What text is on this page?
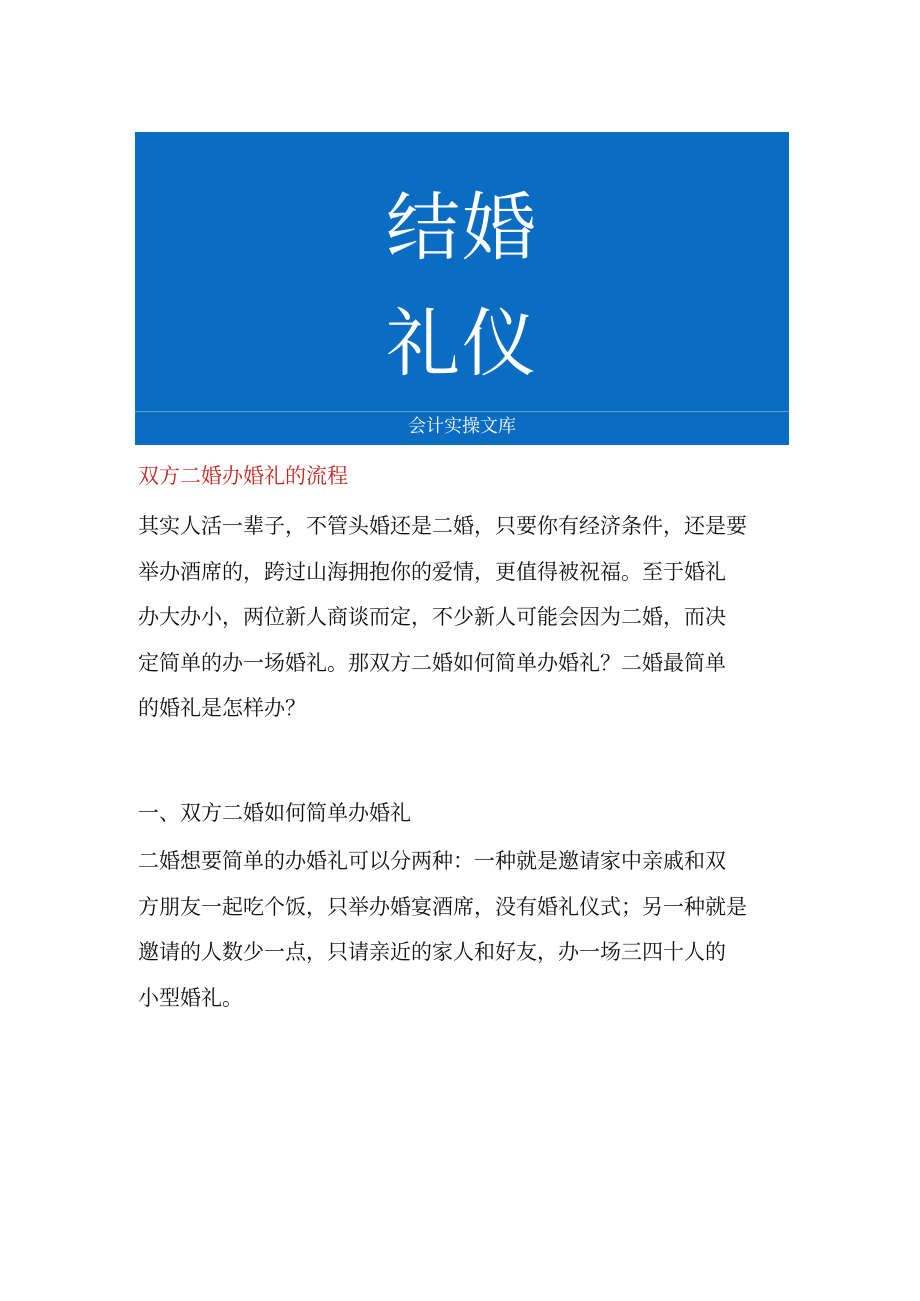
结婚
礼仪
会计实操文库
双方二婚办婚礼的流程
其实人活一辈子，不管头婚还是二婚，只要你有经济条件，还是要
举办酒席的，跨过山海拥抱你的爱情，更值得被祝福。至于婚礼
办大办小，两位新人商谈而定，不少新人可能会因为二婚，而决
定简单的办一场婚礼。那双方二婚如何简单办婚礼？二婚最简单
的婚礼是怎样办？
一、双方二婚如何简单办婚礼
二婚想要简单的办婚礼可以分两种：一种就是邀请家中亲戚和双
方朋友一起吃个饭，只举办婚宴酒席，没有婚礼仪式；另一种就是
邀请的人数少一点，只请亲近的家人和好友，办一场三四十人的
小型婚礼。
